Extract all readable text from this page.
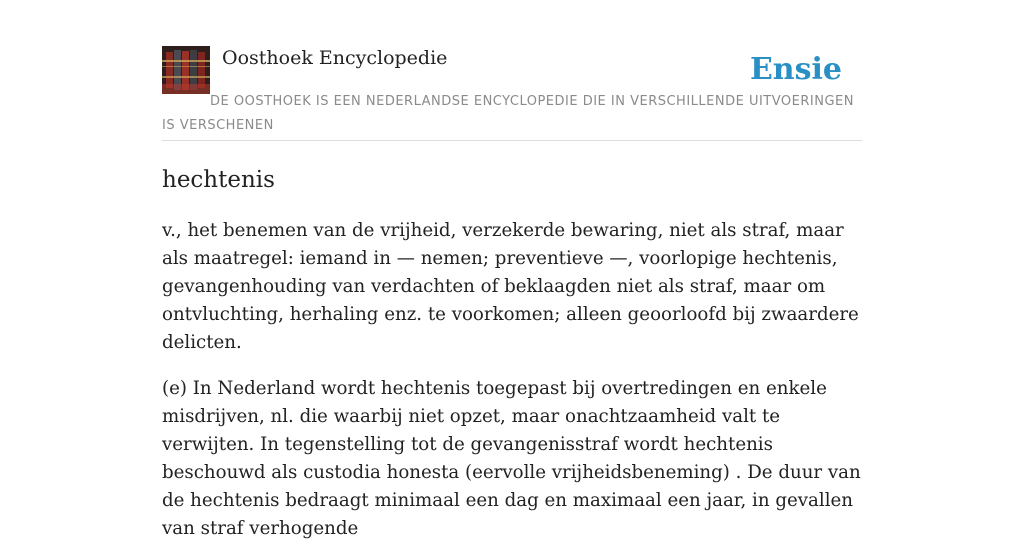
Oosthoek Encyclopedie	Ensie
DE OOSTHOEK IS EEN NEDERLANDSE ENCYCLOPEDIE DIE IN VERSCHILLENDE UITVOERINGEN IS VERSCHENEN
hechtenis

v., het benemen van de vrijheid, verzekerde bewaring, niet als straf, maar als maatregel: iemand in — nemen; preventieve —, voorlopige hechtenis, gevangenhouding van verdachten of beklaagden niet als straf, maar om ontvluchting, herhaling enz. te voorkomen; alleen geoorloofd bij zwaardere delicten.

(e) In Nederland wordt hechtenis toegepast bij overtredingen en enkele misdrijven, nl. die waarbij niet opzet, maar onachtzaamheid valt te verwijten. In tegenstelling tot de gevangenisstraf wordt hechtenis beschouwd als custodia honesta (eervolle vrijheidsbeneming) . De duur van de hechtenis bedraagt minimaal een dag en maximaal een jaar, in gevallen van straf verhogende
